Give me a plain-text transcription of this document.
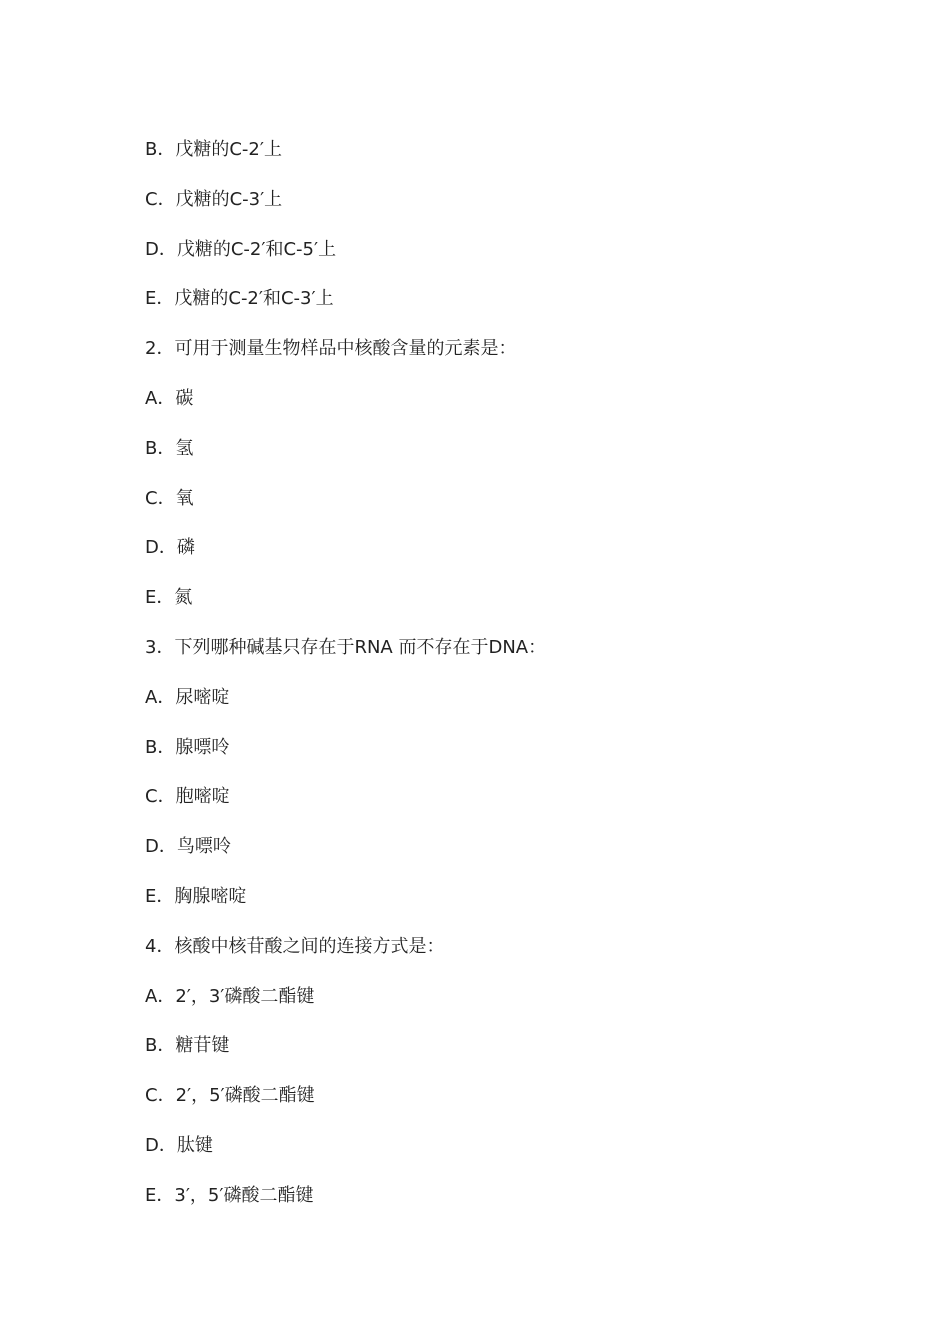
B．戊糖的C-2′上
C．戊糖的C-3′上
D．戊糖的C-2′和C-5′上
E．戊糖的C-2′和C-3′上
2．可用于测量生物样品中核酸含量的元素是：
A．碳
B．氢
C．氧
D．磷
E．氮
3．下列哪种碱基只存在于RNA 而不存在于DNA：
A．尿嘧啶
B．腺嘌呤
C．胞嘧啶
D．鸟嘌呤
E．胸腺嘧啶
4．核酸中核苷酸之间的连接方式是：
A．2′，3′磷酸二酯键
B．糖苷键
C．2′，5′磷酸二酯键
D．肽键
E．3′，5′磷酸二酯键
